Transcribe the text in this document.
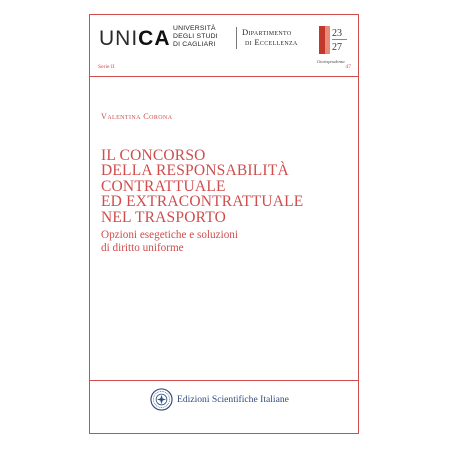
UNICA UNIVERSITÀ
DEGLI STUDI
DI CAGLIARI
Dipartimento
di Eccellenza
23
27
Giurisprudenza
Serie II	47
Valentina Corona
IL CONCORSO
DELLA RESPONSABILITÀ
CONTRATTUALE
ED EXTRACONTRATTUALE
NEL TRASPORTO
Opzioni esegetiche e soluzioni
di diritto uniforme
Edizioni Scientifiche Italiane
